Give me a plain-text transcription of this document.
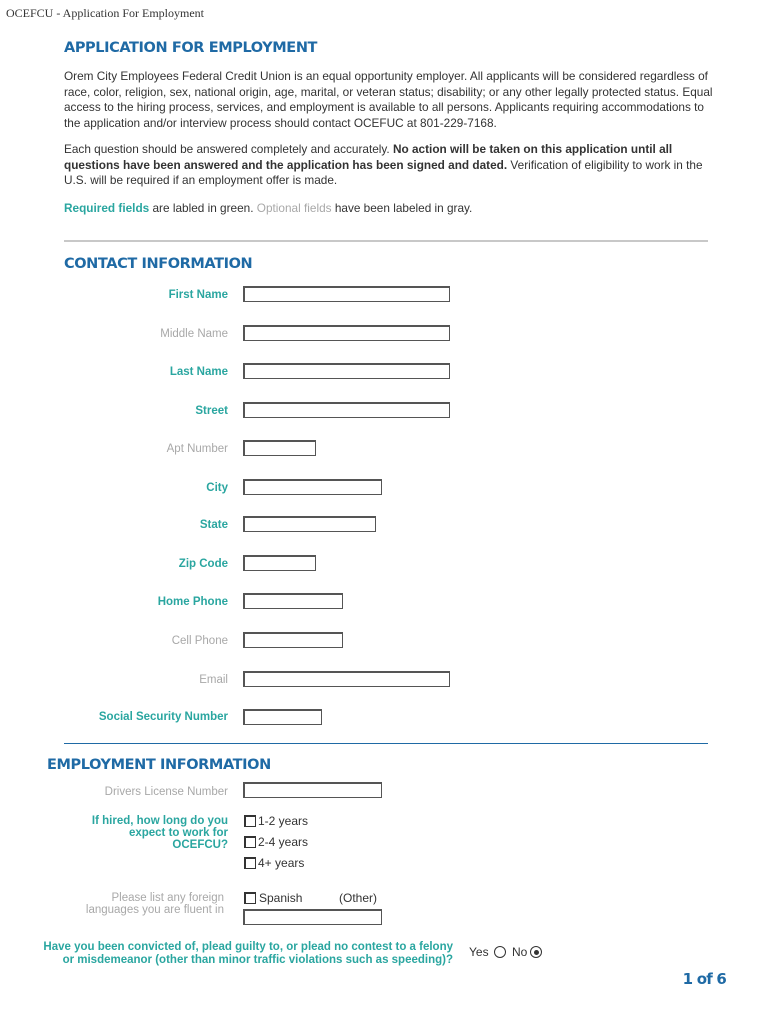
OCEFCU - Application For Employment
APPLICATION FOR EMPLOYMENT
Orem City Employees Federal Credit Union is an equal opportunity employer. All applicants will be considered regardless of race, color, religion, sex, national origin, age, marital, or veteran status; disability; or any other legally protected status. Equal access to the hiring process, services, and employment is available to all persons. Applicants requiring accommodations to the application and/or interview process should contact OCEFUC at 801-229-7168.
Each question should be answered completely and accurately. No action will be taken on this application until all questions have been answered and the application has been signed and dated. Verification of eligibility to work in the U.S. will be required if an employment offer is made.
Required fields are labled in green. Optional fields have been labeled in gray.
CONTACT INFORMATION
First Name
Middle Name
Last Name
Street
Apt Number
City
State
Zip Code
Home Phone
Cell Phone
Email
Social Security Number
EMPLOYMENT INFORMATION
Drivers License Number
If hired, how long do you
expect to work for
OCEFCU?
1-2 years
2-4 years
4+ years
Please list any foreign
languages you are fluent in
Spanish	(Other)
Have you been convicted of, plead guilty to, or plead no contest to a felony
or misdemeanor (other than minor traffic violations such as speeding)?
Yes No
1 of 6
